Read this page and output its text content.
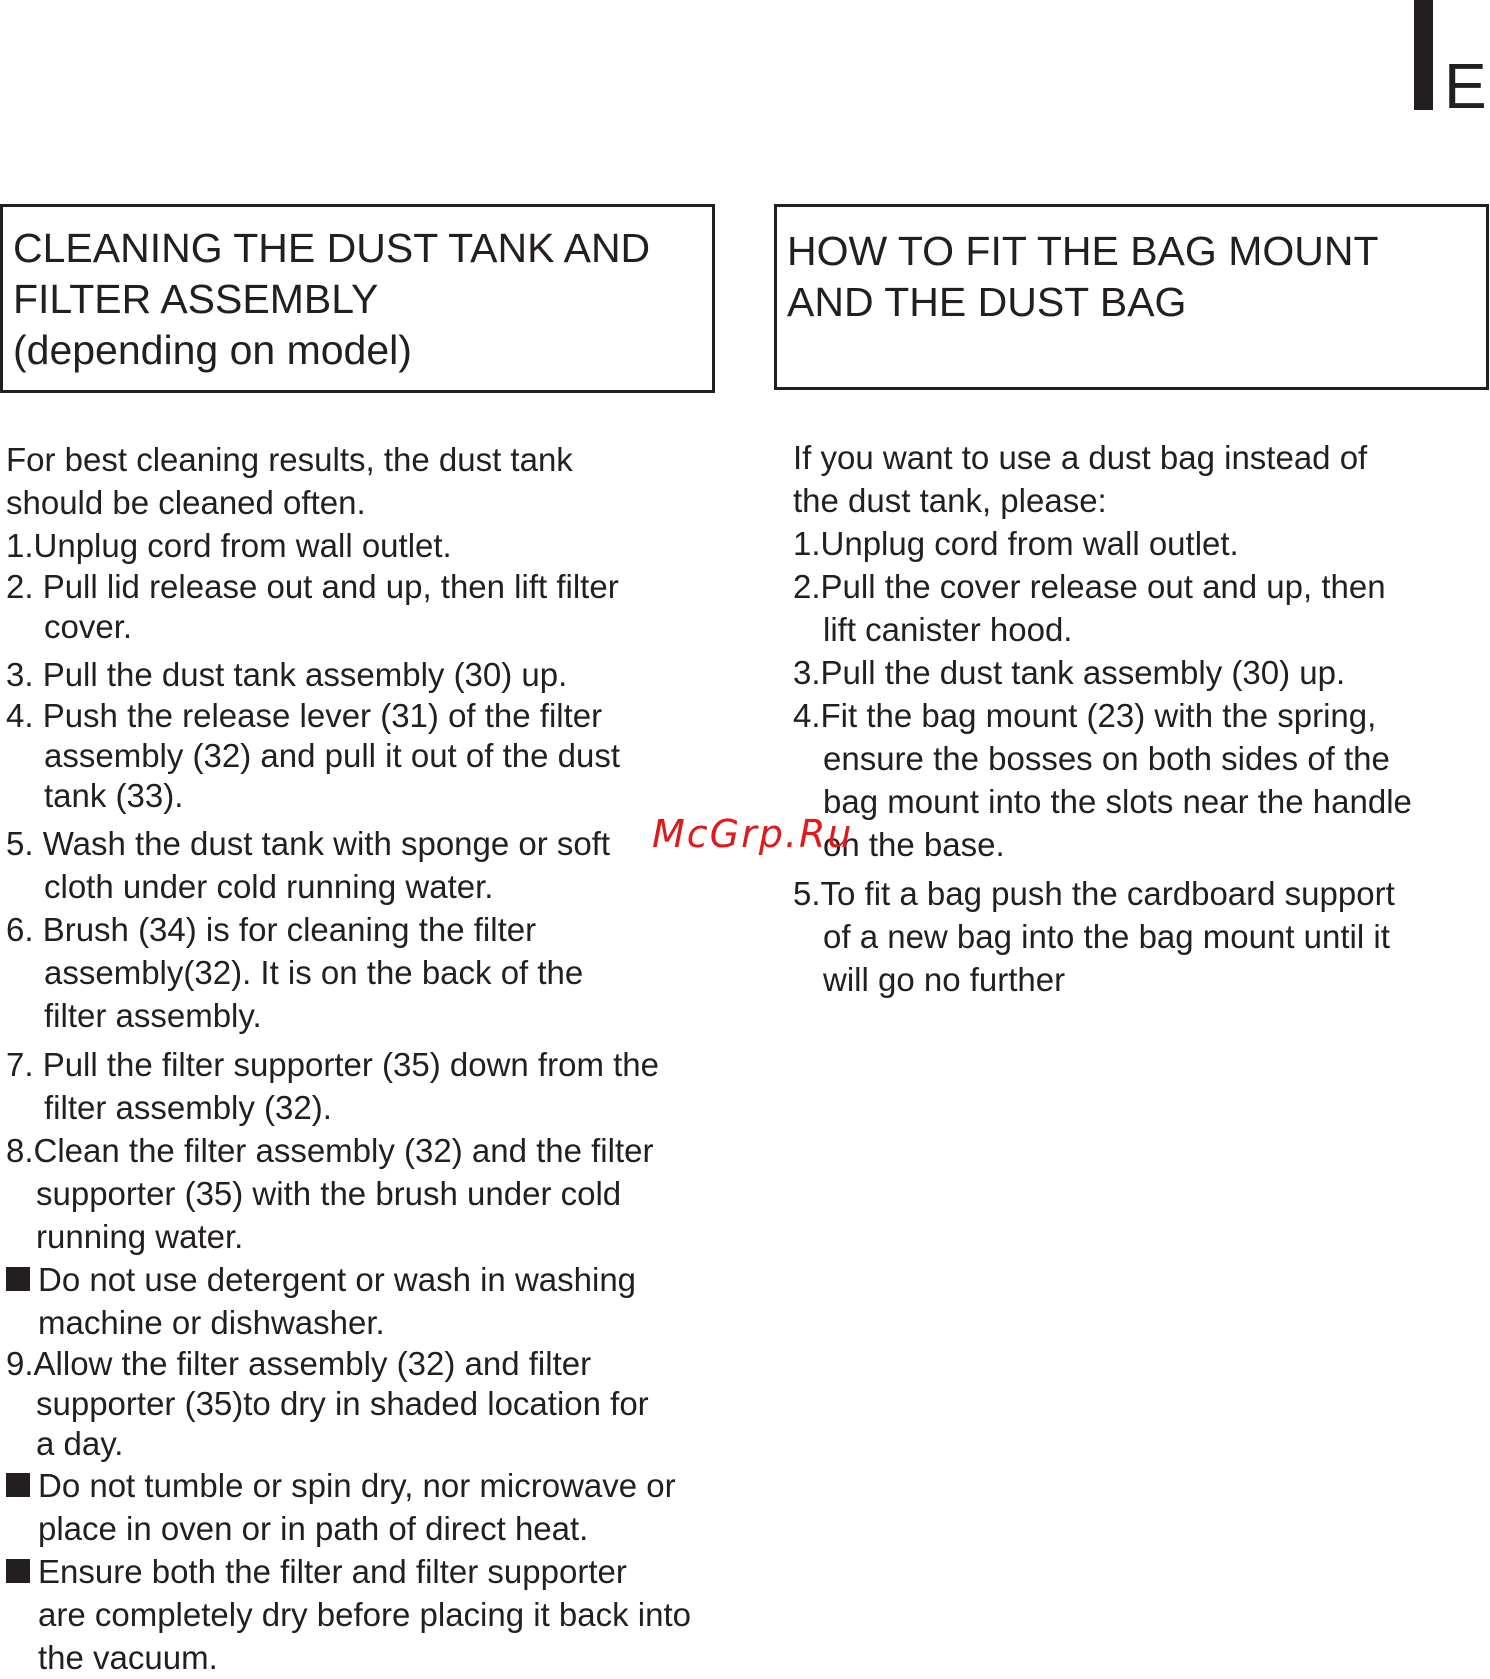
E
CLEANING THE DUST TANK AND
FILTER ASSEMBLY
(depending on model)
HOW TO FIT THE BAG MOUNT
AND THE DUST BAG

For best cleaning results, the dust tank
should be cleaned often.

1.Unplug cord from wall outlet.

2. Pull lid release out and up, then lift filter
cover.

3. Pull the dust tank assembly (30) up.

4. Push the release lever (31) of the filter
assembly (32) and pull it out of the dust
tank (33).

5. Wash the dust tank with sponge or soft
cloth under cold running water.

6. Brush (34) is for cleaning the filter
assembly(32). It is on the back of the
filter assembly.

7. Pull the filter supporter (35) down from the
filter assembly (32).

8.Clean the filter assembly (32) and the filter
supporter (35) with the brush under cold
running water.

Do not use detergent or wash in washing
machine or dishwasher.

9.Allow the filter assembly (32) and filter
supporter (35)to dry in shaded location for
a day.

Do not tumble or spin dry, nor microwave or
place in oven or in path of direct heat.
Ensure both the filter and filter supporter
are completely dry before placing it back into
the vacuum.

If you want to use a dust bag instead of
the dust tank, please:

1.Unplug cord from wall outlet.

2.Pull the cover release out and up, then
lift canister hood.

3.Pull the dust tank assembly (30) up.

4.Fit the bag mount (23) with the spring,
ensure the bosses on both sides of the
bag mount into the slots near the handle
on the base.

5.To fit a bag push the cardboard support
of a new bag into the bag mount until it
will go no further

McGrp.Ru
